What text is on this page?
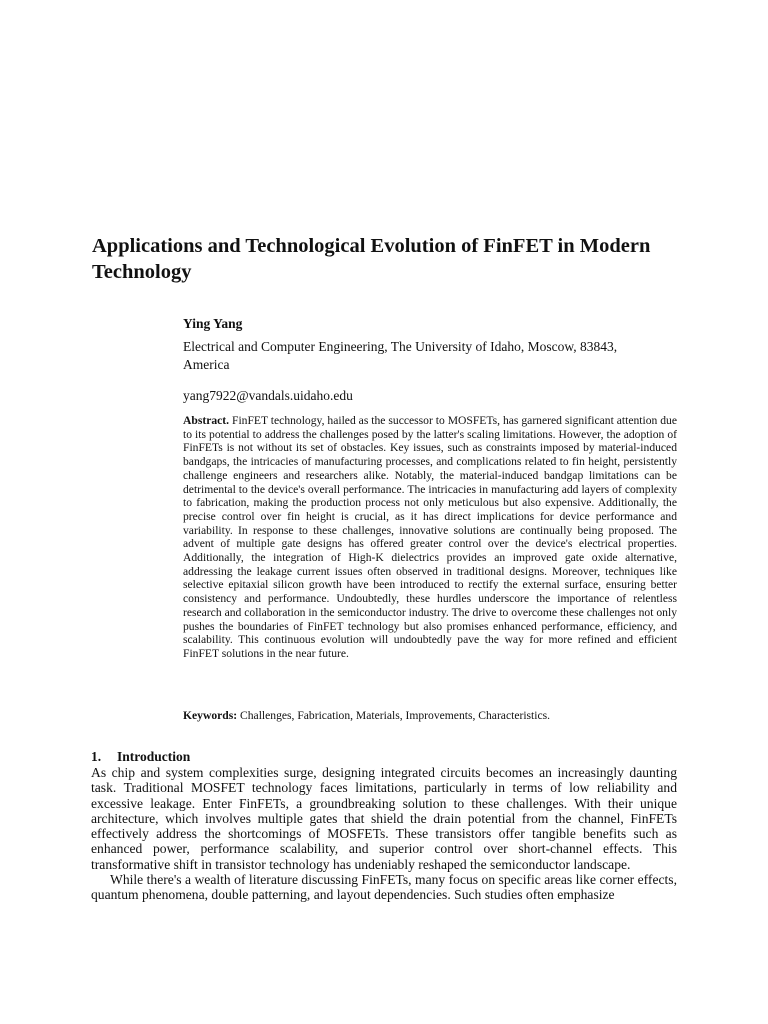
Applications and Technological Evolution of FinFET in Modern Technology

Ying Yang

Electrical and Computer Engineering, The University of Idaho, Moscow, 83843, America

yang7922@vandals.uidaho.edu

Abstract. FinFET technology, hailed as the successor to MOSFETs, has garnered significant attention due to its potential to address the challenges posed by the latter's scaling limitations. However, the adoption of FinFETs is not without its set of obstacles. Key issues, such as constraints imposed by material-induced bandgaps, the intricacies of manufacturing processes, and complications related to fin height, persistently challenge engineers and researchers alike. Notably, the material-induced bandgap limitations can be detrimental to the device's overall performance. The intricacies in manufacturing add layers of complexity to fabrication, making the production process not only meticulous but also expensive. Additionally, the precise control over fin height is crucial, as it has direct implications for device performance and variability. In response to these challenges, innovative solutions are continually being proposed. The advent of multiple gate designs has offered greater control over the device's electrical properties. Additionally, the integration of High-K dielectrics provides an improved gate oxide alternative, addressing the leakage current issues often observed in traditional designs. Moreover, techniques like selective epitaxial silicon growth have been introduced to rectify the external surface, ensuring better consistency and performance. Undoubtedly, these hurdles underscore the importance of relentless research and collaboration in the semiconductor industry. The drive to overcome these challenges not only pushes the boundaries of FinFET technology but also promises enhanced performance, efficiency, and scalability. This continuous evolution will undoubtedly pave the way for more refined and efficient FinFET solutions in the near future.

Keywords: Challenges, Fabrication, Materials, Improvements, Characteristics.

1. Introduction

As chip and system complexities surge, designing integrated circuits becomes an increasingly daunting task. Traditional MOSFET technology faces limitations, particularly in terms of low reliability and excessive leakage. Enter FinFETs, a groundbreaking solution to these challenges. With their unique architecture, which involves multiple gates that shield the drain potential from the channel, FinFETs effectively address the shortcomings of MOSFETs. These transistors offer tangible benefits such as enhanced power, performance scalability, and superior control over short-channel effects. This transformative shift in transistor technology has undeniably reshaped the semiconductor landscape.

While there's a wealth of literature discussing FinFETs, many focus on specific areas like corner effects, quantum phenomena, double patterning, and layout dependencies. Such studies often emphasize
